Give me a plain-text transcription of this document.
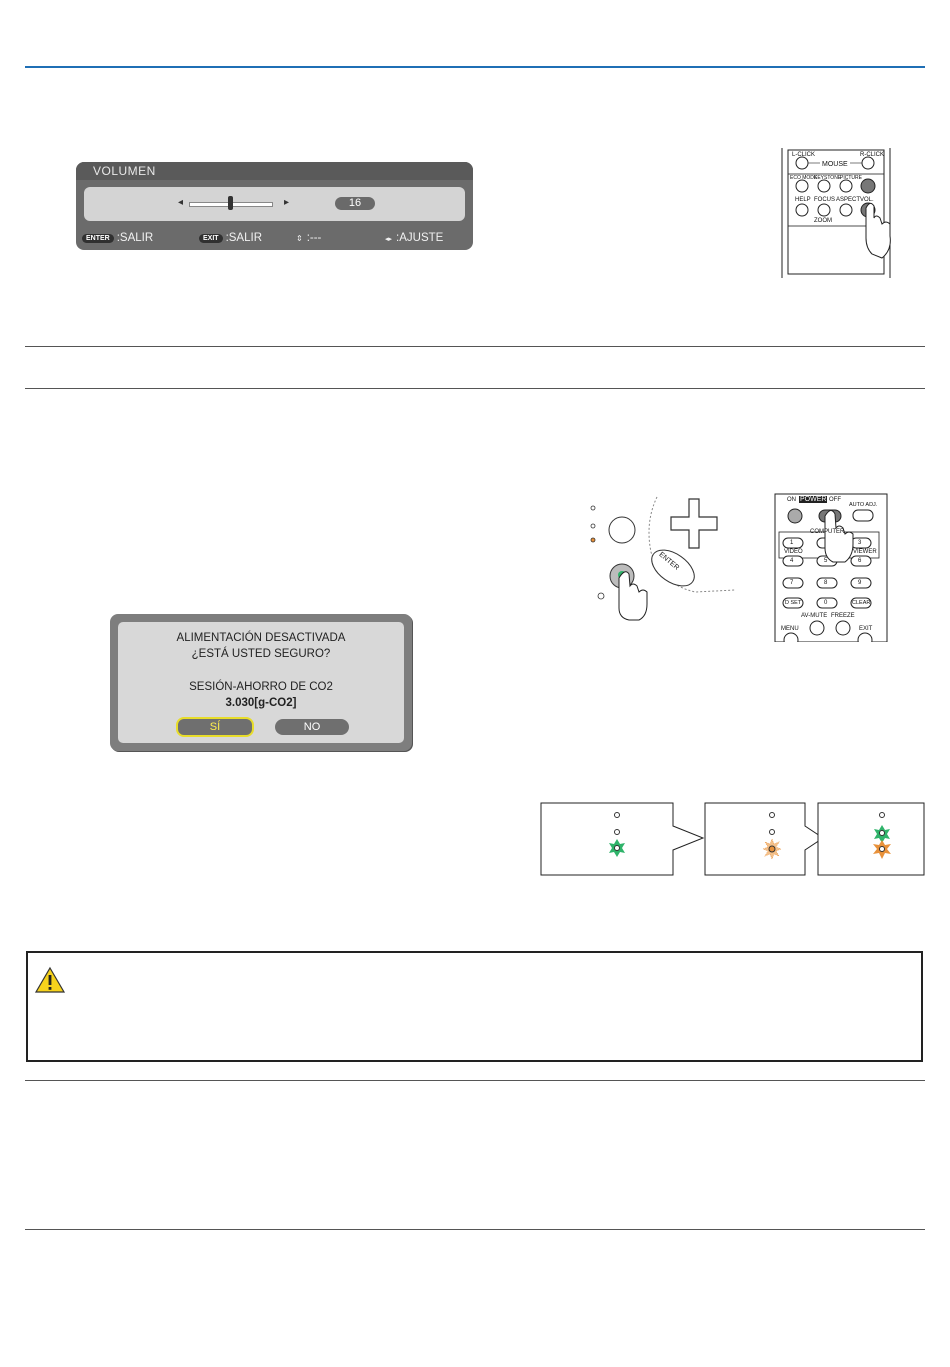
VOLUMEN
◂	▸	16
ENTER :SALIR	EXIT :SALIR	⇕ :---	◂▸ :AJUSTE
L-CLICK	R-CLICK
MOUSE
ECO MODE
KEYSTONE
PICTURE
HELP FOCUS ASPECT VOL.
ZOOM
ENTER
ON POWER OFF
AUTO ADJ.
COMPUTER
1	3
VIDEO	VIEWER
4	5	6
7	8	9
D SET	0	CLEAR
AV-MUTE FREEZE
MENU	EXIT
ALIMENTACIÓN DESACTIVADA
¿ESTÁ USTED SEGURO?
SESIÓN-AHORRO DE CO2
3.030[g-CO2]
SÍ	NO
